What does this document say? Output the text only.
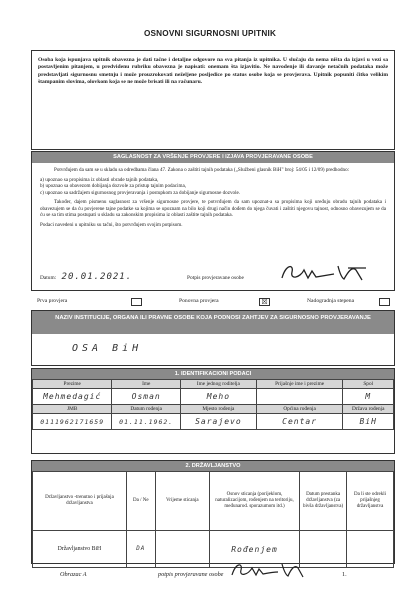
OSNOVNI SIGURNOSNI UPITNIK
Osoba koja ispunjava upitnik obavezna je dati tačne i detaljne odgovore na sva pitanja iz upitnika. U slučaju da nema ništa da izjavi u vezi sa postavljenim pitanjem, u predviđenu rubriku obavezna je napisati: onemam šta izjavitio. Ne navođenje ili davanje netačnih podataka može predstavljati sigurnosnu smetnju i može prouzrokovati neželjene posljedice po status osobe koja se provjerava. Upitnik popuniti čitko velikim štampanim slovima, olovkom koja se ne može brisati ili na računaru.
SAGLASNOST ZA VRŠENJE PROVJERE I IZJAVA PROVJERAVANE OSOBE

Potvrđujem da sam se u skladu sa odredbama člana 47. Zakona o zaštiti tajnih podataka („Službeni glasnik BiH" broj: 54/05 i 12/09) predhodno:

a) upoznao sa propisima iz oblasti obrade tajnih podataka,

b) upoznao sa obavezom dobijanja dozvole za pristup tajnim podacima,

c) upoznao sa sadržajem sigurnosnog provjeravanja i postupkom za dobijanje sigurnosne dozvole.

Također, dajem pismenu saglasnost za vršenje sigurnosne provjere, te potvrđujem da sam upoznat-a sa propisima koji uređuju obradu tajnih podataka i obavezujem se da ću povjerene tajne podatke sa kojima se upoznam na bilo koji drugi način dođem do njega čuvati i zaštiti njegovu tajnost, odnosno obavezujem se da ću se sa tim stima postupati u skladu sa zakonskim propisima iz oblasti zaštite tajnih podataka.

Podaci navedeni u upitniku su tačni, što potvrđujem svojim potpisom.

Datum: 20.01.2021.	Potpis provjeravane osobe
Prva provjera	Ponovna provjera	☒	Nadogradnja stepena
NAZIV INSTITUCIJE, ORGANA ILI PRAVNE OSOBE KOJA PODNOSI ZAHTJEV ZA SIGURNOSNO PROVJERAVANJE
OSA BiH
1. IDENTIFIKACIONI PODACI
Prezime	Ime	Ime jednog roditelja	Prijašnje ime i prezime	Spol
Mehmedagić	Osman	Meho		M
JMB	Datum rođenja	Mjesto rođenja	Općina rođenja	Država rođenja
0111962171659	01.11.1962.	Sarajevo	Centar	BiH
2. DRŽAVLJANSTVO
Državljanstvo -trenutno i prijašnja državljanstva	Da / Ne	Vrijeme sticanja	Osnov sticanja (porijeklom, naturalizacijom, rođenjem na teritoriju, međunarod. sporazumom itd.)	Datum prestanka državljanstva (za bivša državljanstva)	Da li ste odrekli prijašnjeg državljanstva
Državljanstvo BiH	DA		Rođenjem		
Obrazac A	potpis provjeravane osobe	1.
